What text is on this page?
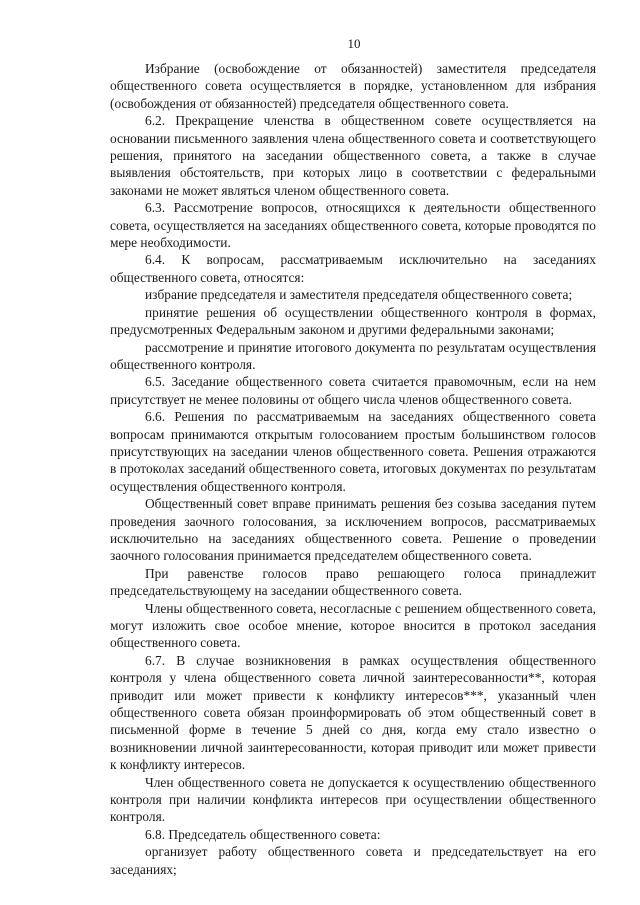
10

Избрание (освобождение от обязанностей) заместителя председателя общественного совета осуществляется в порядке, установленном для избрания (освобождения от обязанностей) председателя общественного совета.

6.2. Прекращение членства в общественном совете осуществляется на основании письменного заявления члена общественного совета и соответствующего решения, принятого на заседании общественного совета, а также в случае выявления обстоятельств, при которых лицо в соответствии с федеральными законами не может являться членом общественного совета.

6.3. Рассмотрение вопросов, относящихся к деятельности общественного совета, осуществляется на заседаниях общественного совета, которые проводятся по мере необходимости.

6.4. К вопросам, рассматриваемым исключительно на заседаниях общественного совета, относятся:

избрание председателя и заместителя председателя общественного совета;

принятие решения об осуществлении общественного контроля в формах, предусмотренных Федеральным законом и другими федеральными законами;

рассмотрение и принятие итогового документа по результатам осуществления общественного контроля.

6.5. Заседание общественного совета считается правомочным, если на нем присутствует не менее половины от общего числа членов общественного совета.

6.6. Решения по рассматриваемым на заседаниях общественного совета вопросам принимаются открытым голосованием простым большинством голосов присутствующих на заседании членов общественного совета. Решения отражаются в протоколах заседаний общественного совета, итоговых документах по результатам осуществления общественного контроля.

Общественный совет вправе принимать решения без созыва заседания путем проведения заочного голосования, за исключением вопросов, рассматриваемых исключительно на заседаниях общественного совета. Решение о проведении заочного голосования принимается председателем общественного совета.

При равенстве голосов право решающего голоса принадлежит председательствующему на заседании общественного совета.

Члены общественного совета, несогласные с решением общественного совета, могут изложить свое особое мнение, которое вносится в протокол заседания общественного совета.

6.7. В случае возникновения в рамках осуществления общественного контроля у члена общественного совета личной заинтересованности**, которая приводит или может привести к конфликту интересов***, указанный член общественного совета обязан проинформировать об этом общественный совет в письменной форме в течение 5 дней со дня, когда ему стало известно о возникновении личной заинтересованности, которая приводит или может привести к конфликту интересов.

Член общественного совета не допускается к осуществлению общественного контроля при наличии конфликта интересов при осуществлении общественного контроля.

6.8. Председатель общественного совета:

организует работу общественного совета и председательствует на его заседаниях;
